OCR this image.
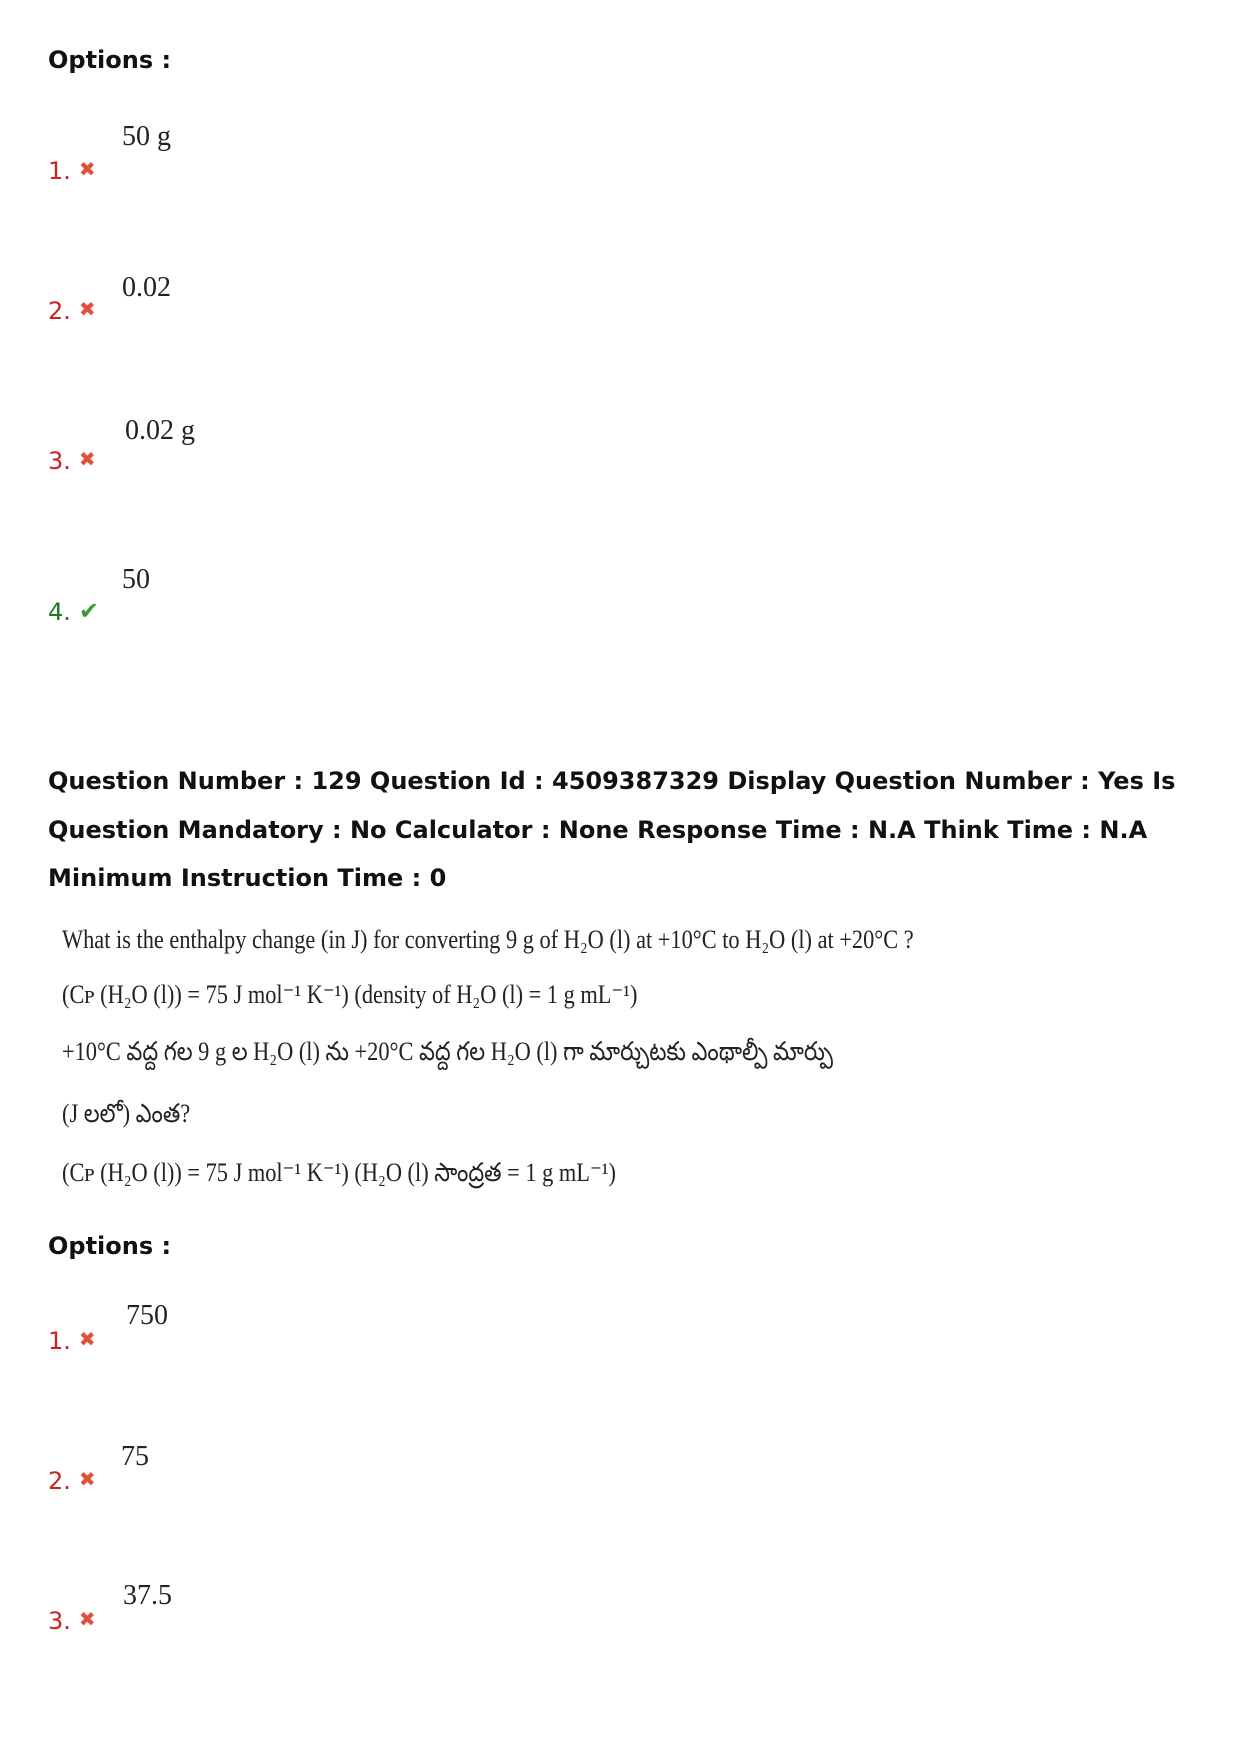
Options :
1. ✖
50 g
2. ✖
0.02
3. ✖
0.02 g
4. ✔
50
Question Number : 129 Question Id : 4509387329 Display Question Number : Yes Is Question Mandatory : No Calculator : None Response Time : N.A Think Time : N.A Minimum Instruction Time : 0
What is the enthalpy change (in J) for converting 9 g of H₂O (l) at +10°C to H₂O (l) at +20°C ?
(Cᴘ (H₂O (l)) = 75 J mol⁻¹ K⁻¹) (density of H₂O (l) = 1 g mL⁻¹)
+10°C వద్ద గల 9 g ల H₂O (l) ను +20°C వద్ద గల H₂O (l) గా మార్చుటకు ఎంథాల్పీ మార్పు
(J లలో) ఎంత?
(Cᴘ (H₂O (l)) = 75 J mol⁻¹ K⁻¹) (H₂O (l) సాంద్రత = 1 g mL⁻¹)
Options :
1. ✖
750
2. ✖
75
3. ✖
37.5
